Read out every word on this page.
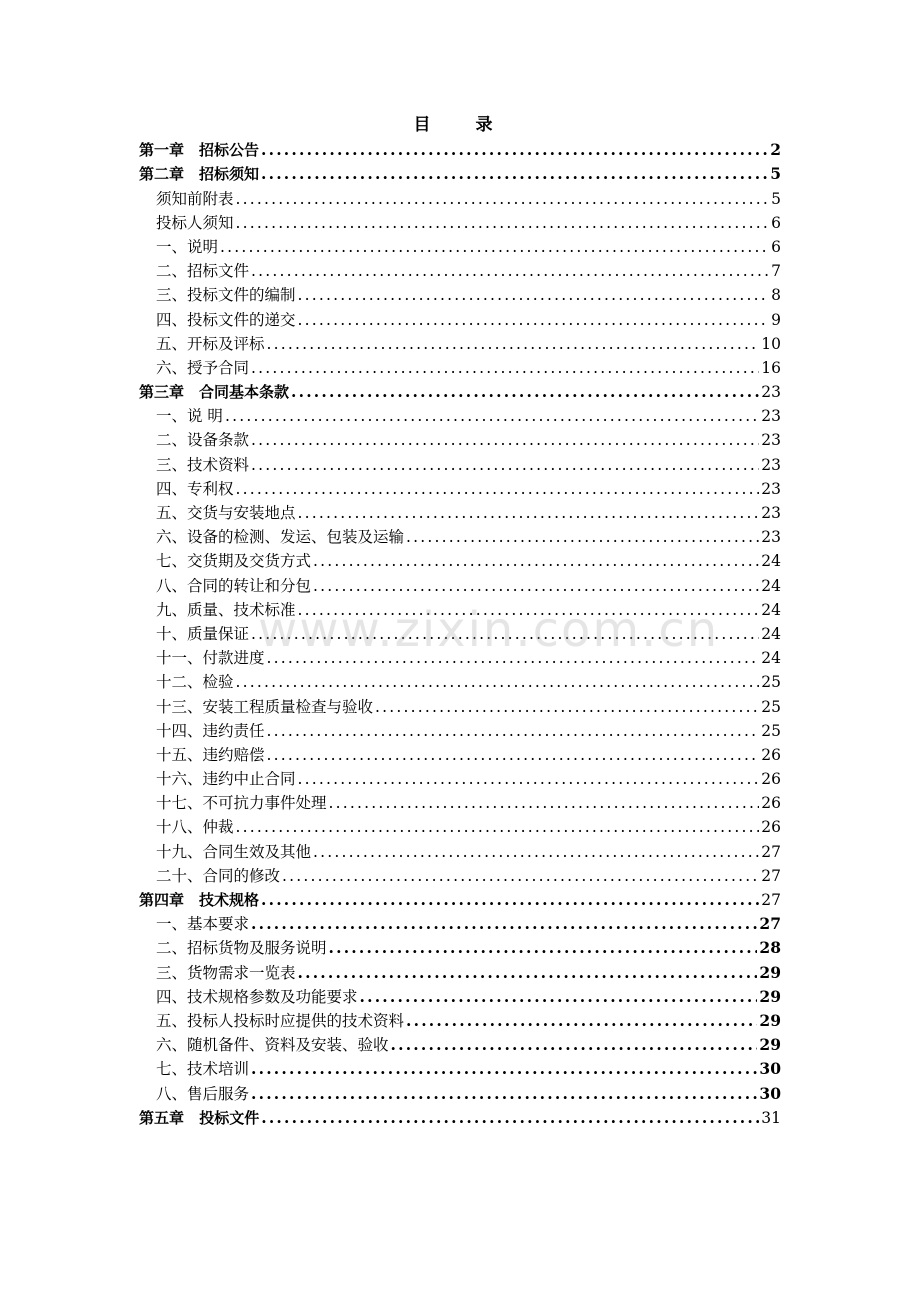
目　录
第一章　招标公告 .....	2
第二章　招标须知 .....	5
须知前附表 .....	5
投标人须知 .....	6
一、说明 .....	6
二、招标文件 .....	7
三、投标文件的编制 .....	8
四、投标文件的递交 .....	9
五、开标及评标 .....	10
六、授予合同 .....	16
第三章　合同基本条款 .....	23
一、说 明 .....	23
二、设备条款 .....	23
三、技术资料 .....	23
四、专利权 .....	23
五、交货与安装地点 .....	23
六、设备的检测、发运、包装及运输 .....	23
七、交货期及交货方式 .....	24
八、合同的转让和分包 .....	24
九、质量、技术标准 .....	24
十、质量保证 .....	24
十一、付款进度 .....	24
十二、检验 .....	25
十三、安装工程质量检查与验收 .....	25
十四、违约责任 .....	25
十五、违约赔偿 .....	26
十六、违约中止合同 .....	26
十七、不可抗力事件处理 .....	26
十八、仲裁 .....	26
十九、合同生效及其他 .....	27
二十、合同的修改 .....	27
第四章　技术规格 .....	27
一、基本要求 .....	27
二、招标货物及服务说明 .....	28
三、货物需求一览表 .....	29
四、技术规格参数及功能要求 .....	29
五、投标人投标时应提供的技术资料 .....	29
六、随机备件、资料及安装、验收 .....	29
七、技术培训 .....	30
八、售后服务 .....	30
第五章 投标文件 .....	31
www.zixin.com.cn
